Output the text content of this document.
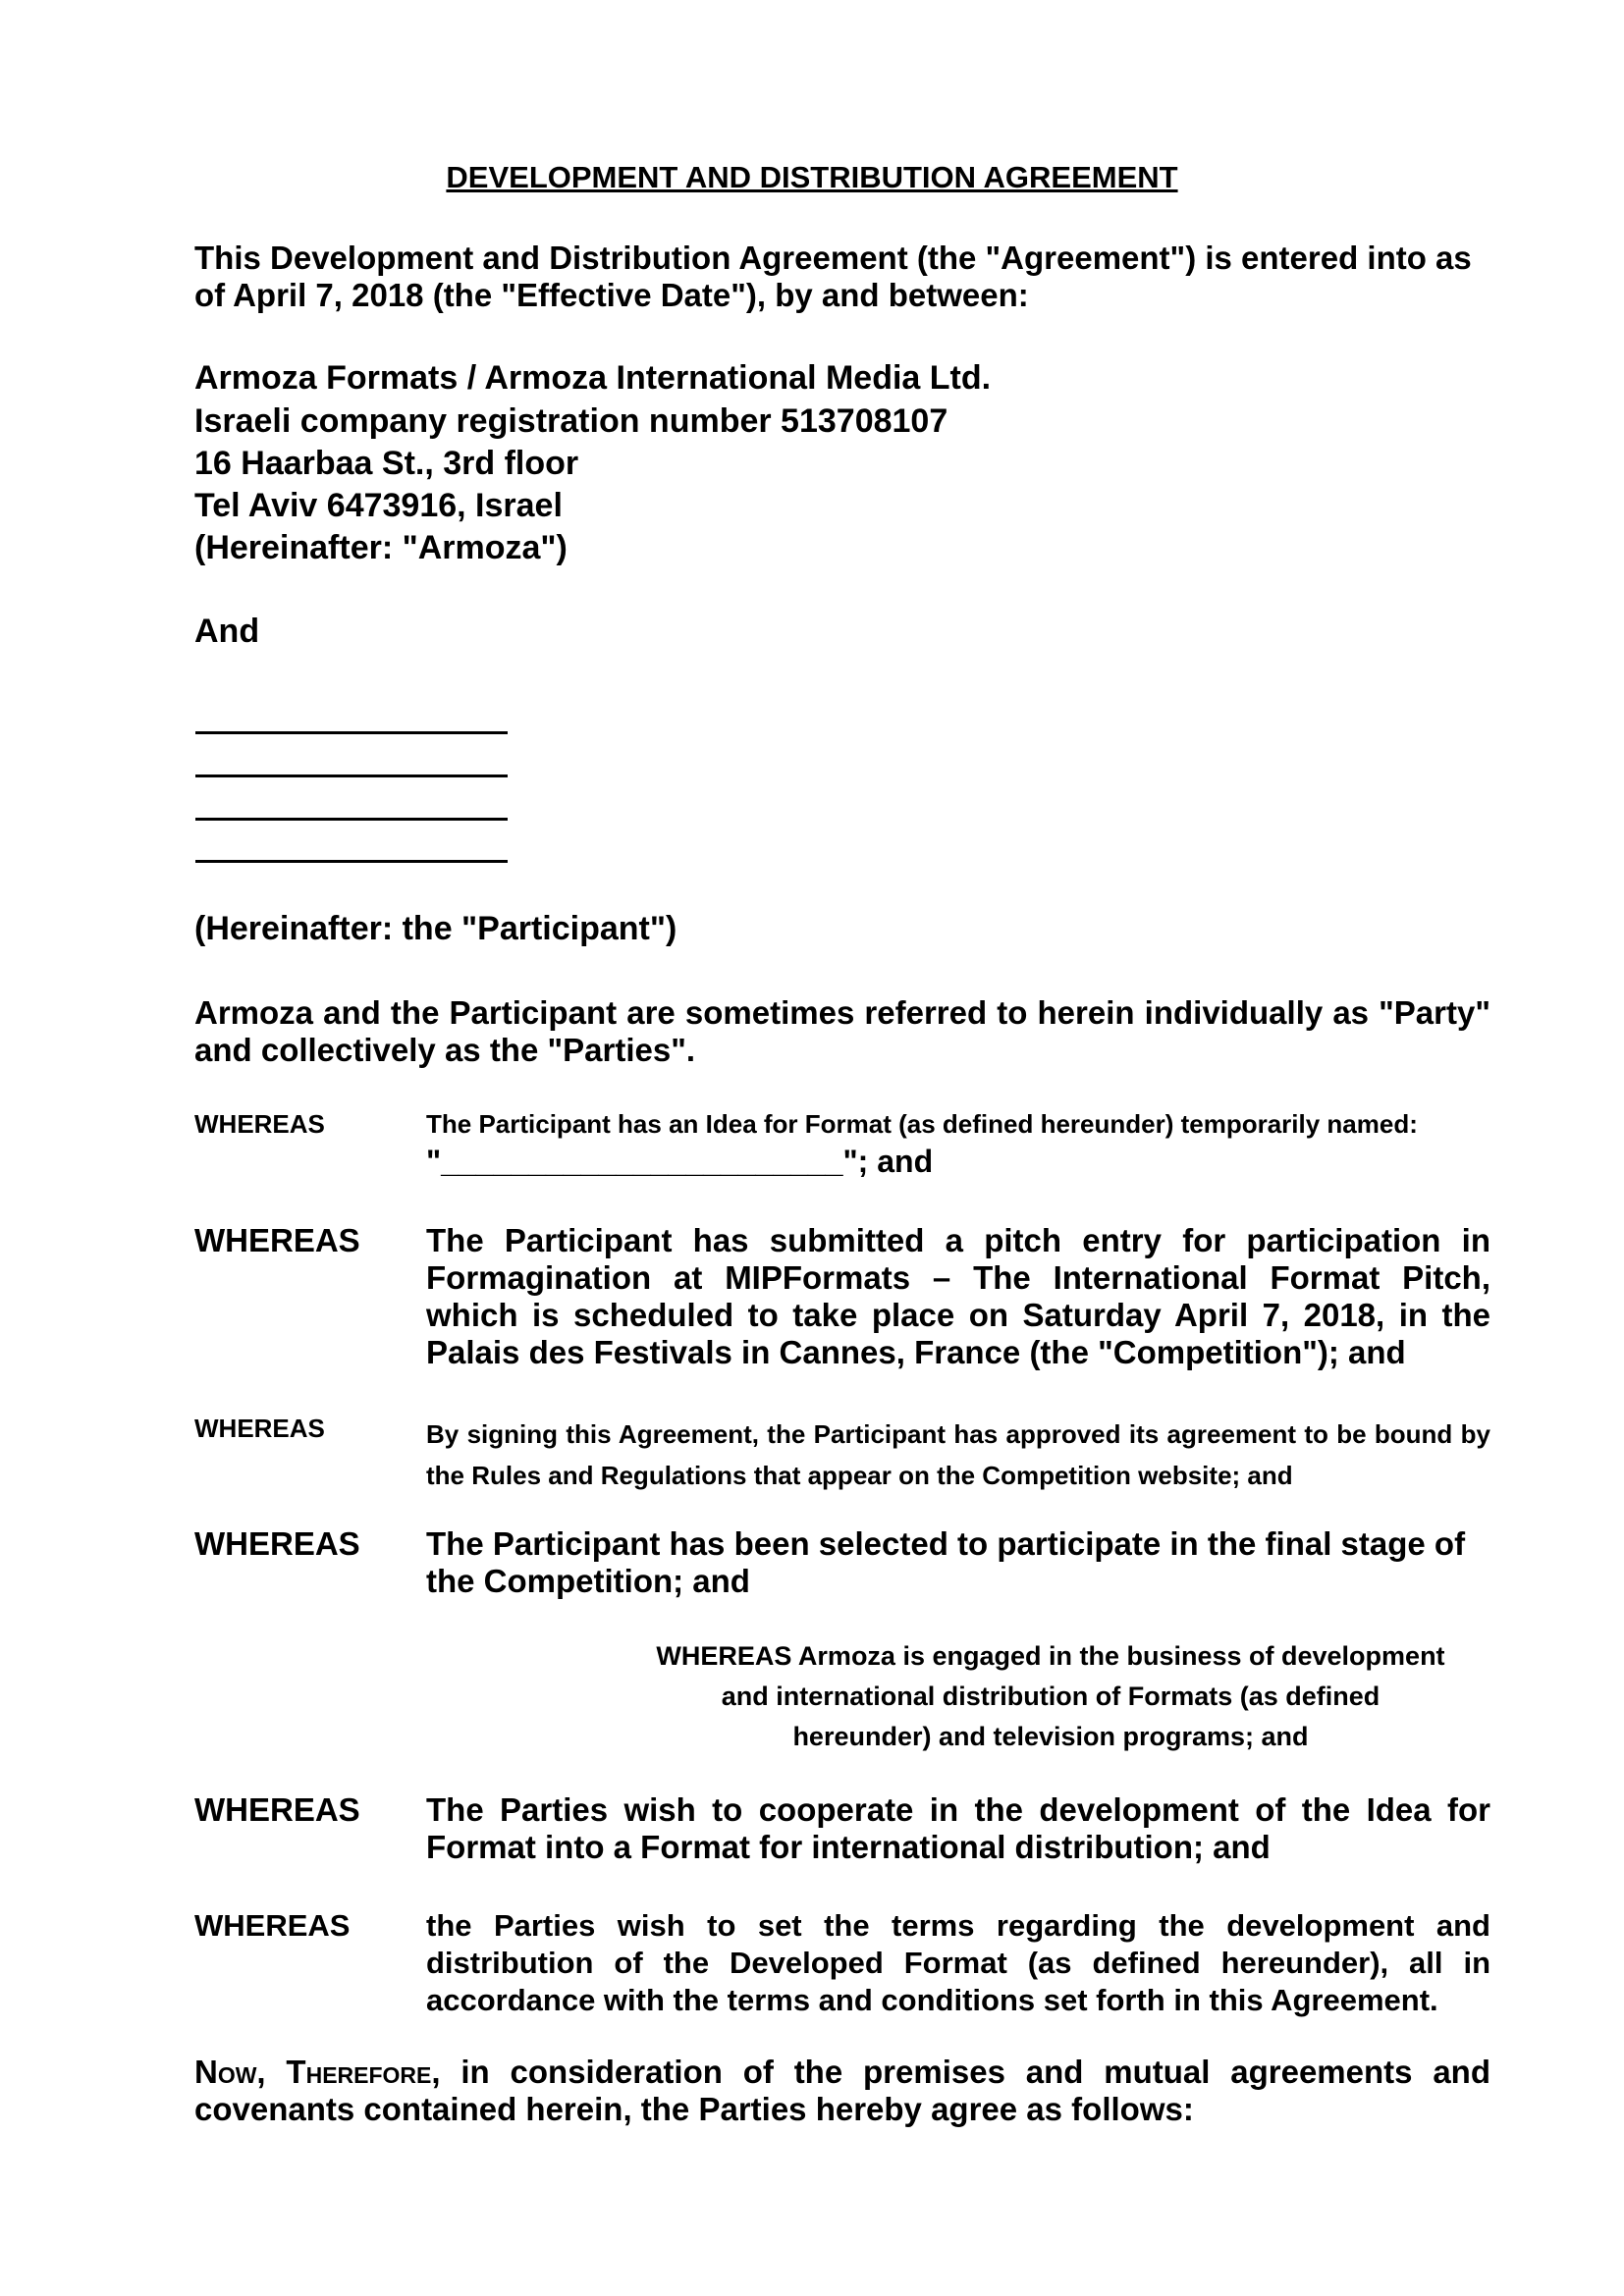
DEVELOPMENT AND DISTRIBUTION AGREEMENT
This Development and Distribution Agreement (the "Agreement") is entered into as of April 7, 2018 (the "Effective Date"), by and between:
Armoza Formats / Armoza International Media Ltd.
Israeli company registration number 513708107
16 Haarbaa St., 3rd floor
Tel Aviv 6473916, Israel
(Hereinafter: "Armoza")
And
(Hereinafter: the "Participant")
Armoza and the Participant are sometimes referred to herein individually as "Party" and collectively as the "Parties".
WHEREAS	The Participant has an Idea for Format (as defined hereunder) temporarily named:
"_______________________"; and
WHEREAS The Participant has submitted a pitch entry for participation in Formagination at MIPFormats – The International Format Pitch, which is scheduled to take place on Saturday April 7, 2018, in the Palais des Festivals in Cannes, France (the "Competition"); and
WHEREAS	By signing this Agreement, the Participant has approved its agreement to be bound by the Rules and Regulations that appear on the Competition website; and
WHEREAS The Participant has been selected to participate in the final stage of the Competition; and
WHEREAS Armoza is engaged in the business of development
and international distribution of Formats (as defined
hereunder) and television programs; and
WHEREAS The Parties wish to cooperate in the development of the Idea for Format into a Format for international distribution; and
WHEREAS	the Parties wish to set the terms regarding the development and distribution of the Developed Format (as defined hereunder), all in accordance with the terms and conditions set forth in this Agreement.
Now, Therefore, in consideration of the premises and mutual agreements and covenants contained herein, the Parties hereby agree as follows:
